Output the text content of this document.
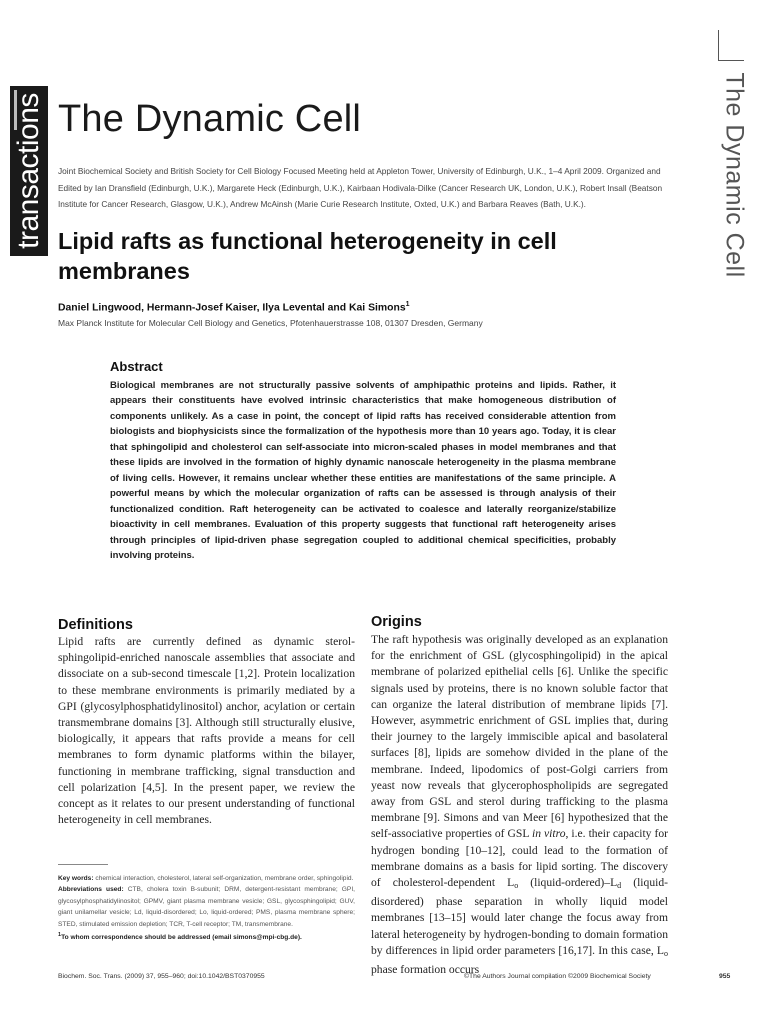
transactions The Dynamic Cell	The Dynamic Cell
Joint Biochemical Society and British Society for Cell Biology Focused Meeting held at Appleton Tower, University of Edinburgh, U.K., 1–4 April 2009. Organized and Edited by Ian Dransfield (Edinburgh, U.K.), Margarete Heck (Edinburgh, U.K.), Kairbaan Hodivala-Dilke (Cancer Research UK, London, U.K.), Robert Insall (Beatson Institute for Cancer Research, Glasgow, U.K.), Andrew McAinsh (Marie Curie Research Institute, Oxted, U.K.) and Barbara Reaves (Bath, U.K.).
Lipid rafts as functional heterogeneity in cell membranes
Daniel Lingwood, Hermann-Josef Kaiser, Ilya Levental and Kai Simons$^1$
Max Planck Institute for Molecular Cell Biology and Genetics, Pfotenhauerstrasse 108, 01307 Dresden, Germany
Abstract
Biological membranes are not structurally passive solvents of amphipathic proteins and lipids. Rather, it appears their constituents have evolved intrinsic characteristics that make homogeneous distribution of components unlikely. As a case in point, the concept of lipid rafts has received considerable attention from biologists and biophysicists since the formalization of the hypothesis more than 10 years ago. Today, it is clear that sphingolipid and cholesterol can self-associate into micron-scaled phases in model membranes and that these lipids are involved in the formation of highly dynamic nanoscale heterogeneity in the plasma membrane of living cells. However, it remains unclear whether these entities are manifestations of the same principle. A powerful means by which the molecular organization of rafts can be assessed is through analysis of their functionalized condition. Raft heterogeneity can be activated to coalesce and laterally reorganize/stabilize bioactivity in cell membranes. Evaluation of this property suggests that functional raft heterogeneity arises through principles of lipid-driven phase segregation coupled to additional chemical specificities, probably involving proteins.
Definitions
Lipid rafts are currently defined as dynamic sterol-sphingolipid-enriched nanoscale assemblies that associate and dissociate on a sub-second timescale [1,2]. Protein localization to these membrane environments is primarily mediated by a GPI (glycosylphosphatidylinositol) anchor, acylation or certain transmembrane domains [3]. Although still structurally elusive, biologically, it appears that rafts provide a means for cell membranes to form dynamic platforms within the bilayer, functioning in membrane trafficking, signal transduction and cell polarization [4,5]. In the present paper, we review the concept as it relates to our present understanding of functional heterogeneity in cell membranes.
Origins
The raft hypothesis was originally developed as an explanation for the enrichment of GSL (glycosphingolipid) in the apical membrane of polarized epithelial cells [6]. Unlike the specific signals used by proteins, there is no known soluble factor that can organize the lateral distribution of membrane lipids [7]. However, asymmetric enrichment of GSL implies that, during their journey to the largely immiscible apical and basolateral surfaces [8], lipids are somehow divided in the plane of the membrane. Indeed, lipodomics of post-Golgi carriers from yeast now reveals that glycerophospholipids are segregated away from GSL and sterol during trafficking to the plasma membrane [9]. Simons and van Meer [6] hypothesized that the self-associative properties of GSL in vitro, i.e. their capacity for hydrogen bonding [10–12], could lead to the formation of membrane domains as a basis for lipid sorting. The discovery of cholesterol-dependent $L_o$ $(liquid-ordered)-L_d$ (liquid-disordered) phase separation in wholly liquid model membranes [13–15] would later change the focus away from lateral heterogeneity by hydrogen-bonding to domain formation by differences in lipid order parameters [16,17]. In this case, $L_o$ phase formation occurs
Key words: chemical interaction, cholesterol, lateral self-organization, membrane order, sphingolipid.
Abbreviations used: CTB, cholera toxin B-subunit; DRM, detergent-resistant membrane; GPI, glycosylphosphatidylinositol; GPMV, giant plasma membrane vesicle; GSL, glycosphingolipid; GUV, giant unilamellar vesicle; Ld, liquid-disordered; Lo, liquid-ordered; PMS, plasma membrane sphere; STED, stimulated emission depletion; TCR, T-cell receptor; TM, transmembrane.
$^1$To whom correspondence should be addressed (email simons@mpi-cbg.de).
Biochem. Soc. Trans. (2009) 37, 955–960; doi:10.1042/BST0370955	©The Authors Journal compilation ©2009 Biochemical Society	955
